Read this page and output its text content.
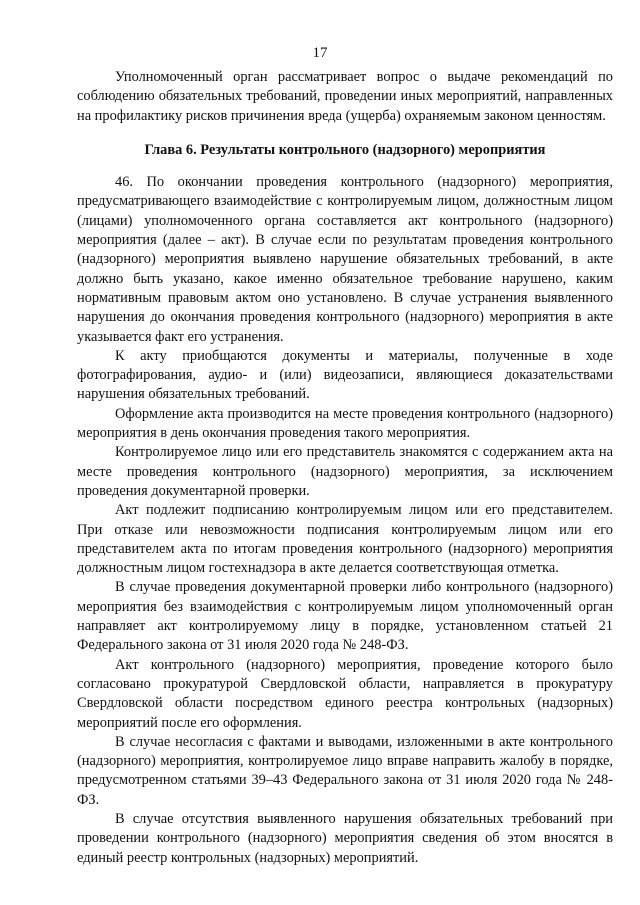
17

Уполномоченный орган рассматривает вопрос о выдаче рекомендаций по соблюдению обязательных требований, проведении иных мероприятий, направленных на профилактику рисков причинения вреда (ущерба) охраняемым законом ценностям.

Глава 6. Результаты контрольного (надзорного) мероприятия

46. По окончании проведения контрольного (надзорного) мероприятия, предусматривающего взаимодействие с контролируемым лицом, должностным лицом (лицами) уполномоченного органа составляется акт контрольного (надзорного) мероприятия (далее – акт). В случае если по результатам проведения контрольного (надзорного) мероприятия выявлено нарушение обязательных требований, в акте должно быть указано, какое именно обязательное требование нарушено, каким нормативным правовым актом оно установлено. В случае устранения выявленного нарушения до окончания проведения контрольного (надзорного) мероприятия в акте указывается факт его устранения.

К акту приобщаются документы и материалы, полученные в ходе фотографирования, аудио- и (или) видеозаписи, являющиеся доказательствами нарушения обязательных требований.

Оформление акта производится на месте проведения контрольного (надзорного) мероприятия в день окончания проведения такого мероприятия.

Контролируемое лицо или его представитель знакомятся с содержанием акта на месте проведения контрольного (надзорного) мероприятия, за исключением проведения документарной проверки.

Акт подлежит подписанию контролируемым лицом или его представителем. При отказе или невозможности подписания контролируемым лицом или его представителем акта по итогам проведения контрольного (надзорного) мероприятия должностным лицом гостехнадзора в акте делается соответствующая отметка.

В случае проведения документарной проверки либо контрольного (надзорного) мероприятия без взаимодействия с контролируемым лицом уполномоченный орган направляет акт контролируемому лицу в порядке, установленном статьей 21 Федерального закона от 31 июля 2020 года № 248-ФЗ.

Акт контрольного (надзорного) мероприятия, проведение которого было согласовано прокуратурой Свердловской области, направляется в прокуратуру Свердловской области посредством единого реестра контрольных (надзорных) мероприятий после его оформления.

В случае несогласия с фактами и выводами, изложенными в акте контрольного (надзорного) мероприятия, контролируемое лицо вправе направить жалобу в порядке, предусмотренном статьями 39–43 Федерального закона от 31 июля 2020 года № 248-ФЗ.

В случае отсутствия выявленного нарушения обязательных требований при проведении контрольного (надзорного) мероприятия сведения об этом вносятся в единый реестр контрольных (надзорных) мероприятий.
